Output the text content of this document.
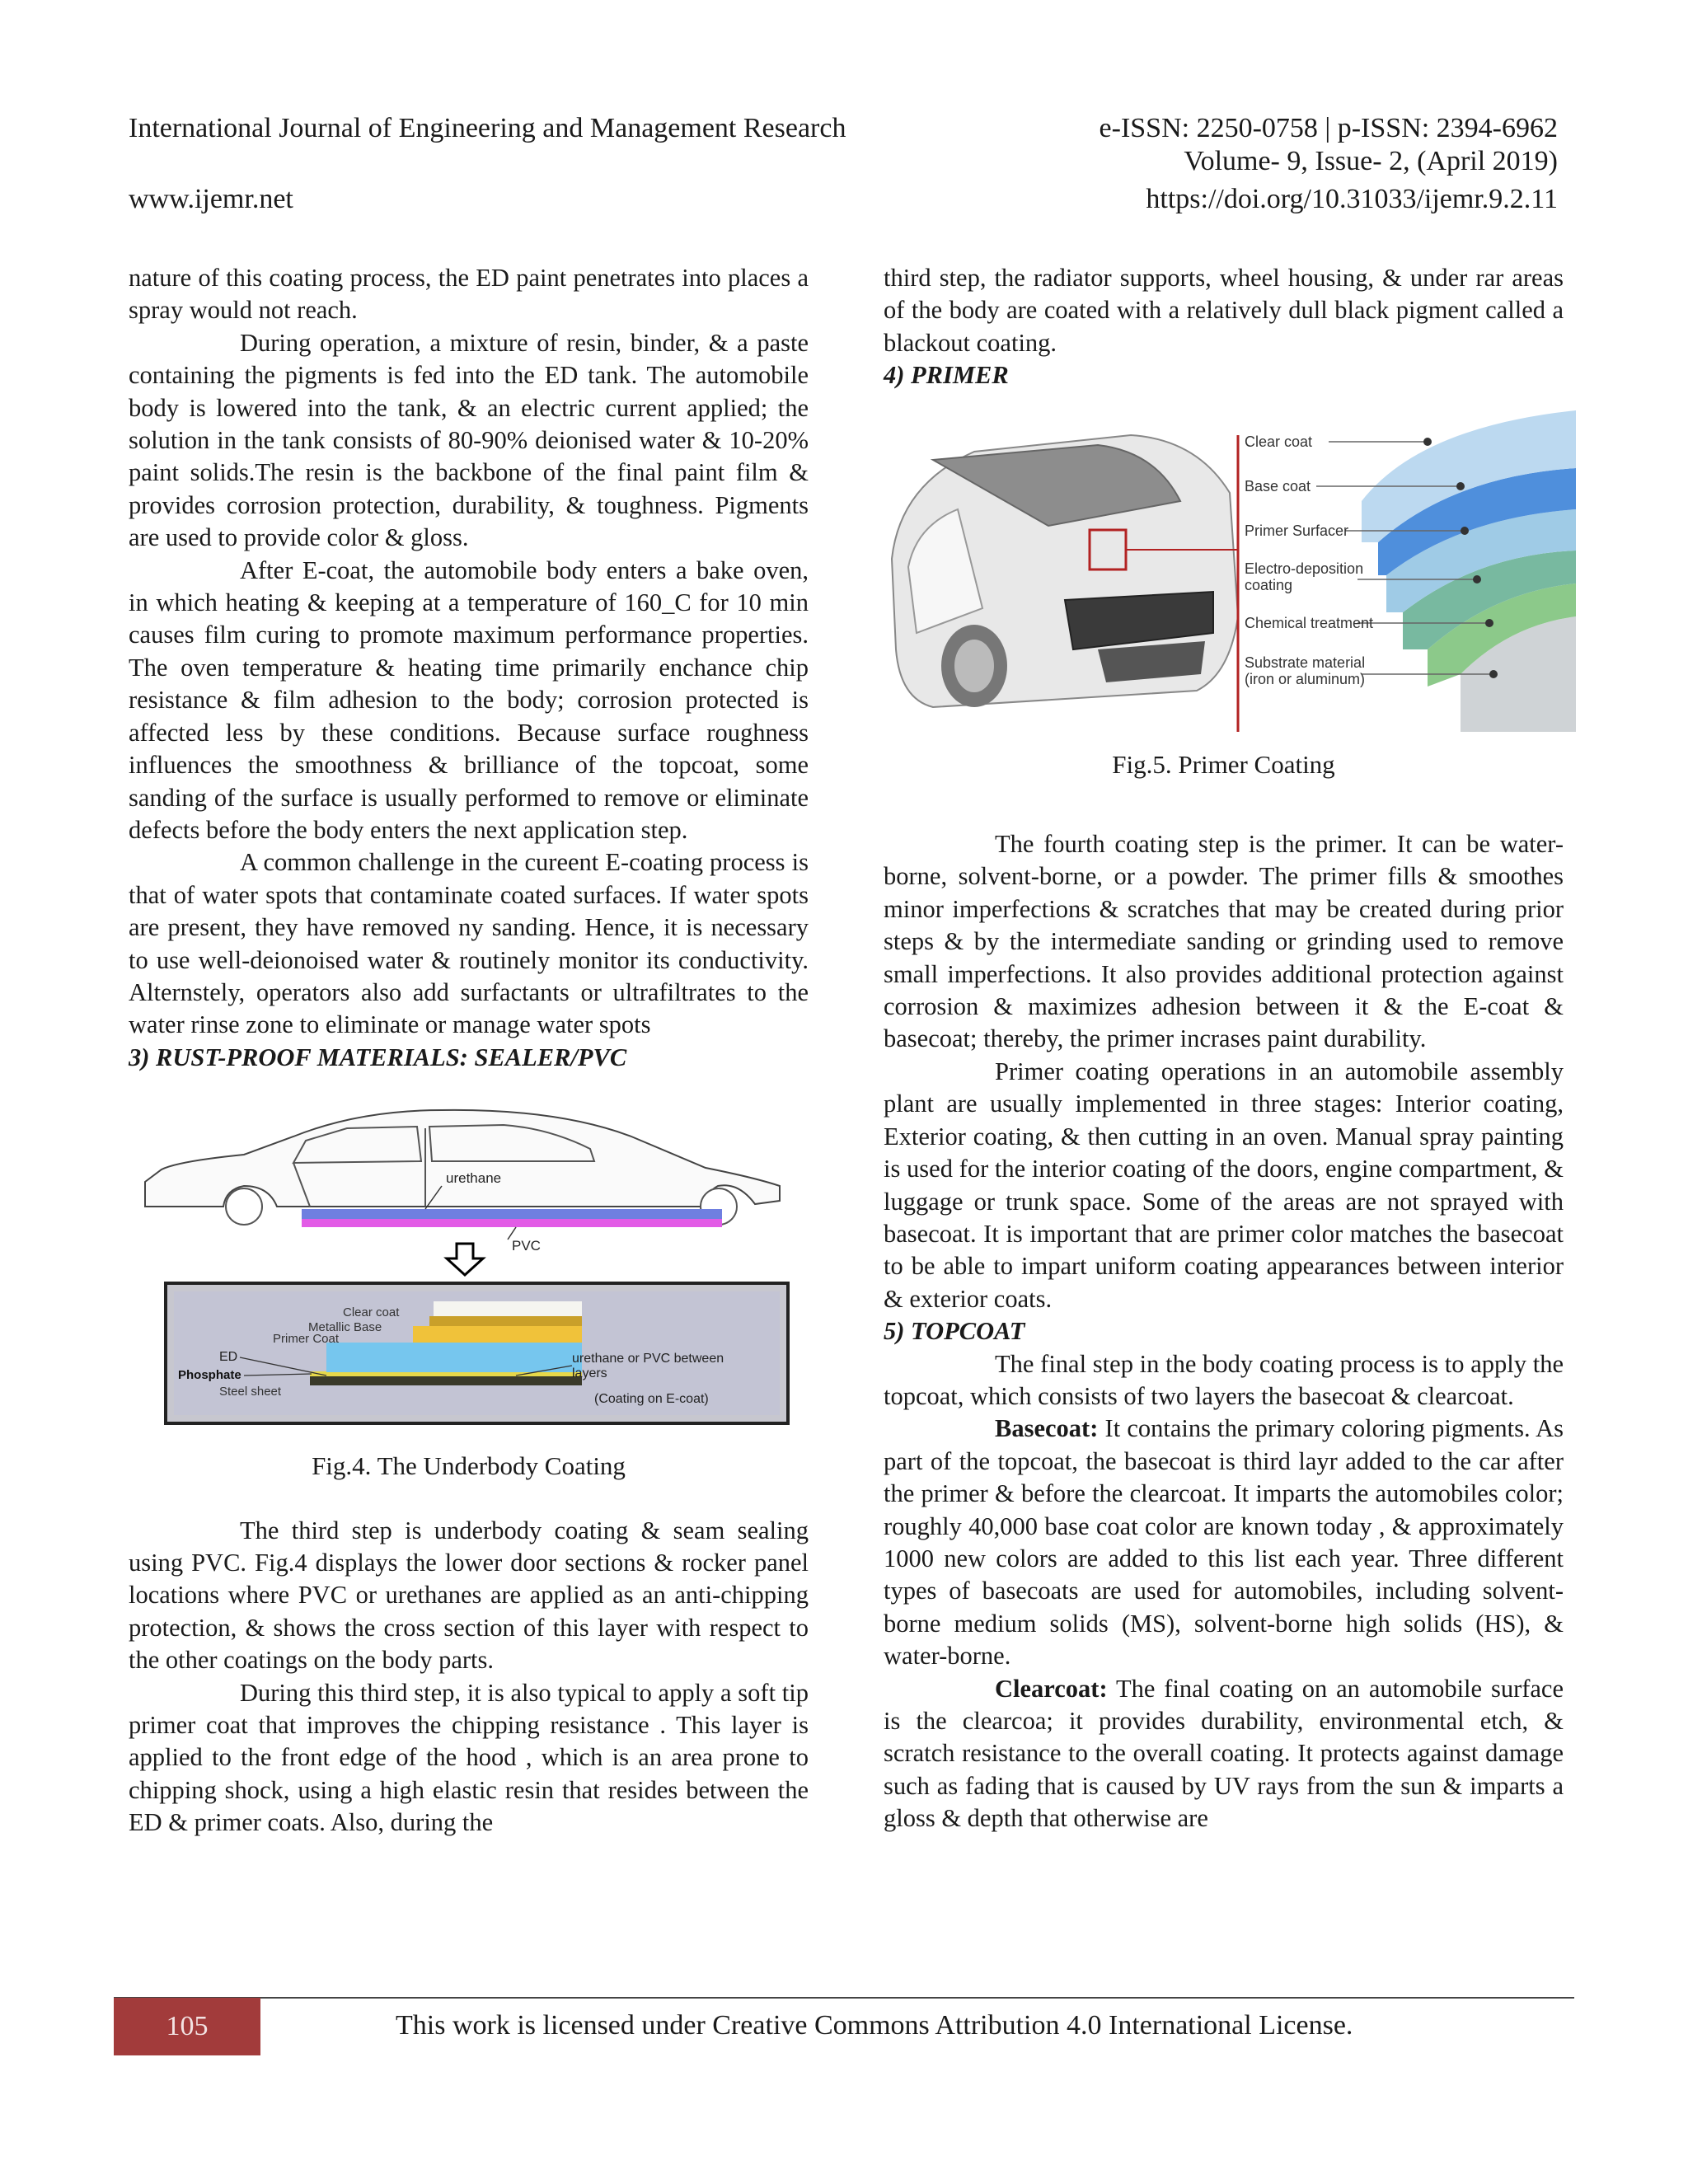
International Journal of Engineering and Management Research	e-ISSN: 2250-0758 | p-ISSN: 2394-6962
Volume- 9, Issue- 2, (April 2019)
www.ijemr.net	https://doi.org/10.31033/ijemr.9.2.11

nature of this coating process, the ED paint penetrates into places a spray would not reach.

During operation, a mixture of resin, binder, & a paste containing the pigments is fed into the ED tank. The automobile body is lowered into the tank, & an electric current applied; the solution in the tank consists of 80-90% deionised water & 10-20% paint solids.The resin is the backbone of the final paint film & provides corrosion protection, durability, & toughness. Pigments are used to provide color & gloss.

After E-coat, the automobile body enters a bake oven, in which heating & keeping at a temperature of 160_C for 10 min causes film curing to promote maximum performance properties. The oven temperature & heating time primarily enchance chip resistance & film adhesion to the body; corrosion protected is affected less by these conditions. Because surface roughness influences the smoothness & brilliance of the topcoat, some sanding of the surface is usually performed to remove or eliminate defects before the body enters the next application step.

A common challenge in the cureent E-coating process is that of water spots that contaminate coated surfaces. If water spots are present, they have removed ny sanding. Hence, it is necessary to use well-deionoised water & routinely monitor its conductivity. Alternstely, operators also add surfactants or ultrafiltrates to the water rinse zone to eliminate or manage water spots

3) RUST-PROOF MATERIALS: SEALER/PVC

urethane
PVC
Clear coat
Metallic Base
Primer Coat
ED
Phosphate
Steel sheet
urethane or PVC between
layers
(Coating on E-coat)

Fig.4. The Underbody Coating

The third step is underbody coating & seam sealing using PVC. Fig.4 displays the lower door sections & rocker panel locations where PVC or urethanes are applied as an anti-chipping protection, & shows the cross section of this layer with respect to the other coatings on the body parts.

During this third step, it is also typical to apply a soft tip primer coat that improves the chipping resistance . This layer is applied to the front edge of the hood , which is an area prone to chipping shock, using a high elastic resin that resides between the ED & primer coats. Also, during the

third step, the radiator supports, wheel housing, & under rar areas of the body are coated with a relatively dull black pigment called a blackout coating.

4) PRIMER

Clear coat
Base coat
Primer Surfacer
Electro-deposition
coating
Chemical treatment
Substrate material
(iron or aluminum)

Fig.5. Primer Coating

The fourth coating step is the primer. It can be water-borne, solvent-borne, or a powder. The primer fills & smoothes minor imperfections & scratches that may be created during prior steps & by the intermediate sanding or grinding used to remove small imperfections. It also provides additional protection against corrosion & maximizes adhesion between it & the E-coat & basecoat; thereby, the primer incrases paint durability.

Primer coating operations in an automobile assembly plant are usually implemented in three stages: Interior coating, Exterior coating, & then cutting in an oven. Manual spray painting is used for the interior coating of the doors, engine compartment, & luggage or trunk space. Some of the areas are not sprayed with basecoat. It is important that are primer color matches the basecoat to be able to impart uniform coating appearances between interior & exterior coats.

5) TOPCOAT

The final step in the body coating process is to apply the topcoat, which consists of two layers the basecoat & clearcoat.

Basecoat: It contains the primary coloring pigments. As part of the topcoat, the basecoat is third layr added to the car after the primer & before the clearcoat. It imparts the automobiles color; roughly 40,000 base coat color are known today , & approximately 1000 new colors are added to this list each year. Three different types of basecoats are used for automobiles, including solvent-borne medium solids (MS), solvent-borne high solids (HS), & water-borne.

Clearcoat: The final coating on an automobile surface is the clearcoa; it provides durability, environmental etch, & scratch resistance to the overall coating. It protects against damage such as fading that is caused by UV rays from the sun & imparts a gloss & depth that otherwise are

105	This work is licensed under Creative Commons Attribution 4.0 International License.
